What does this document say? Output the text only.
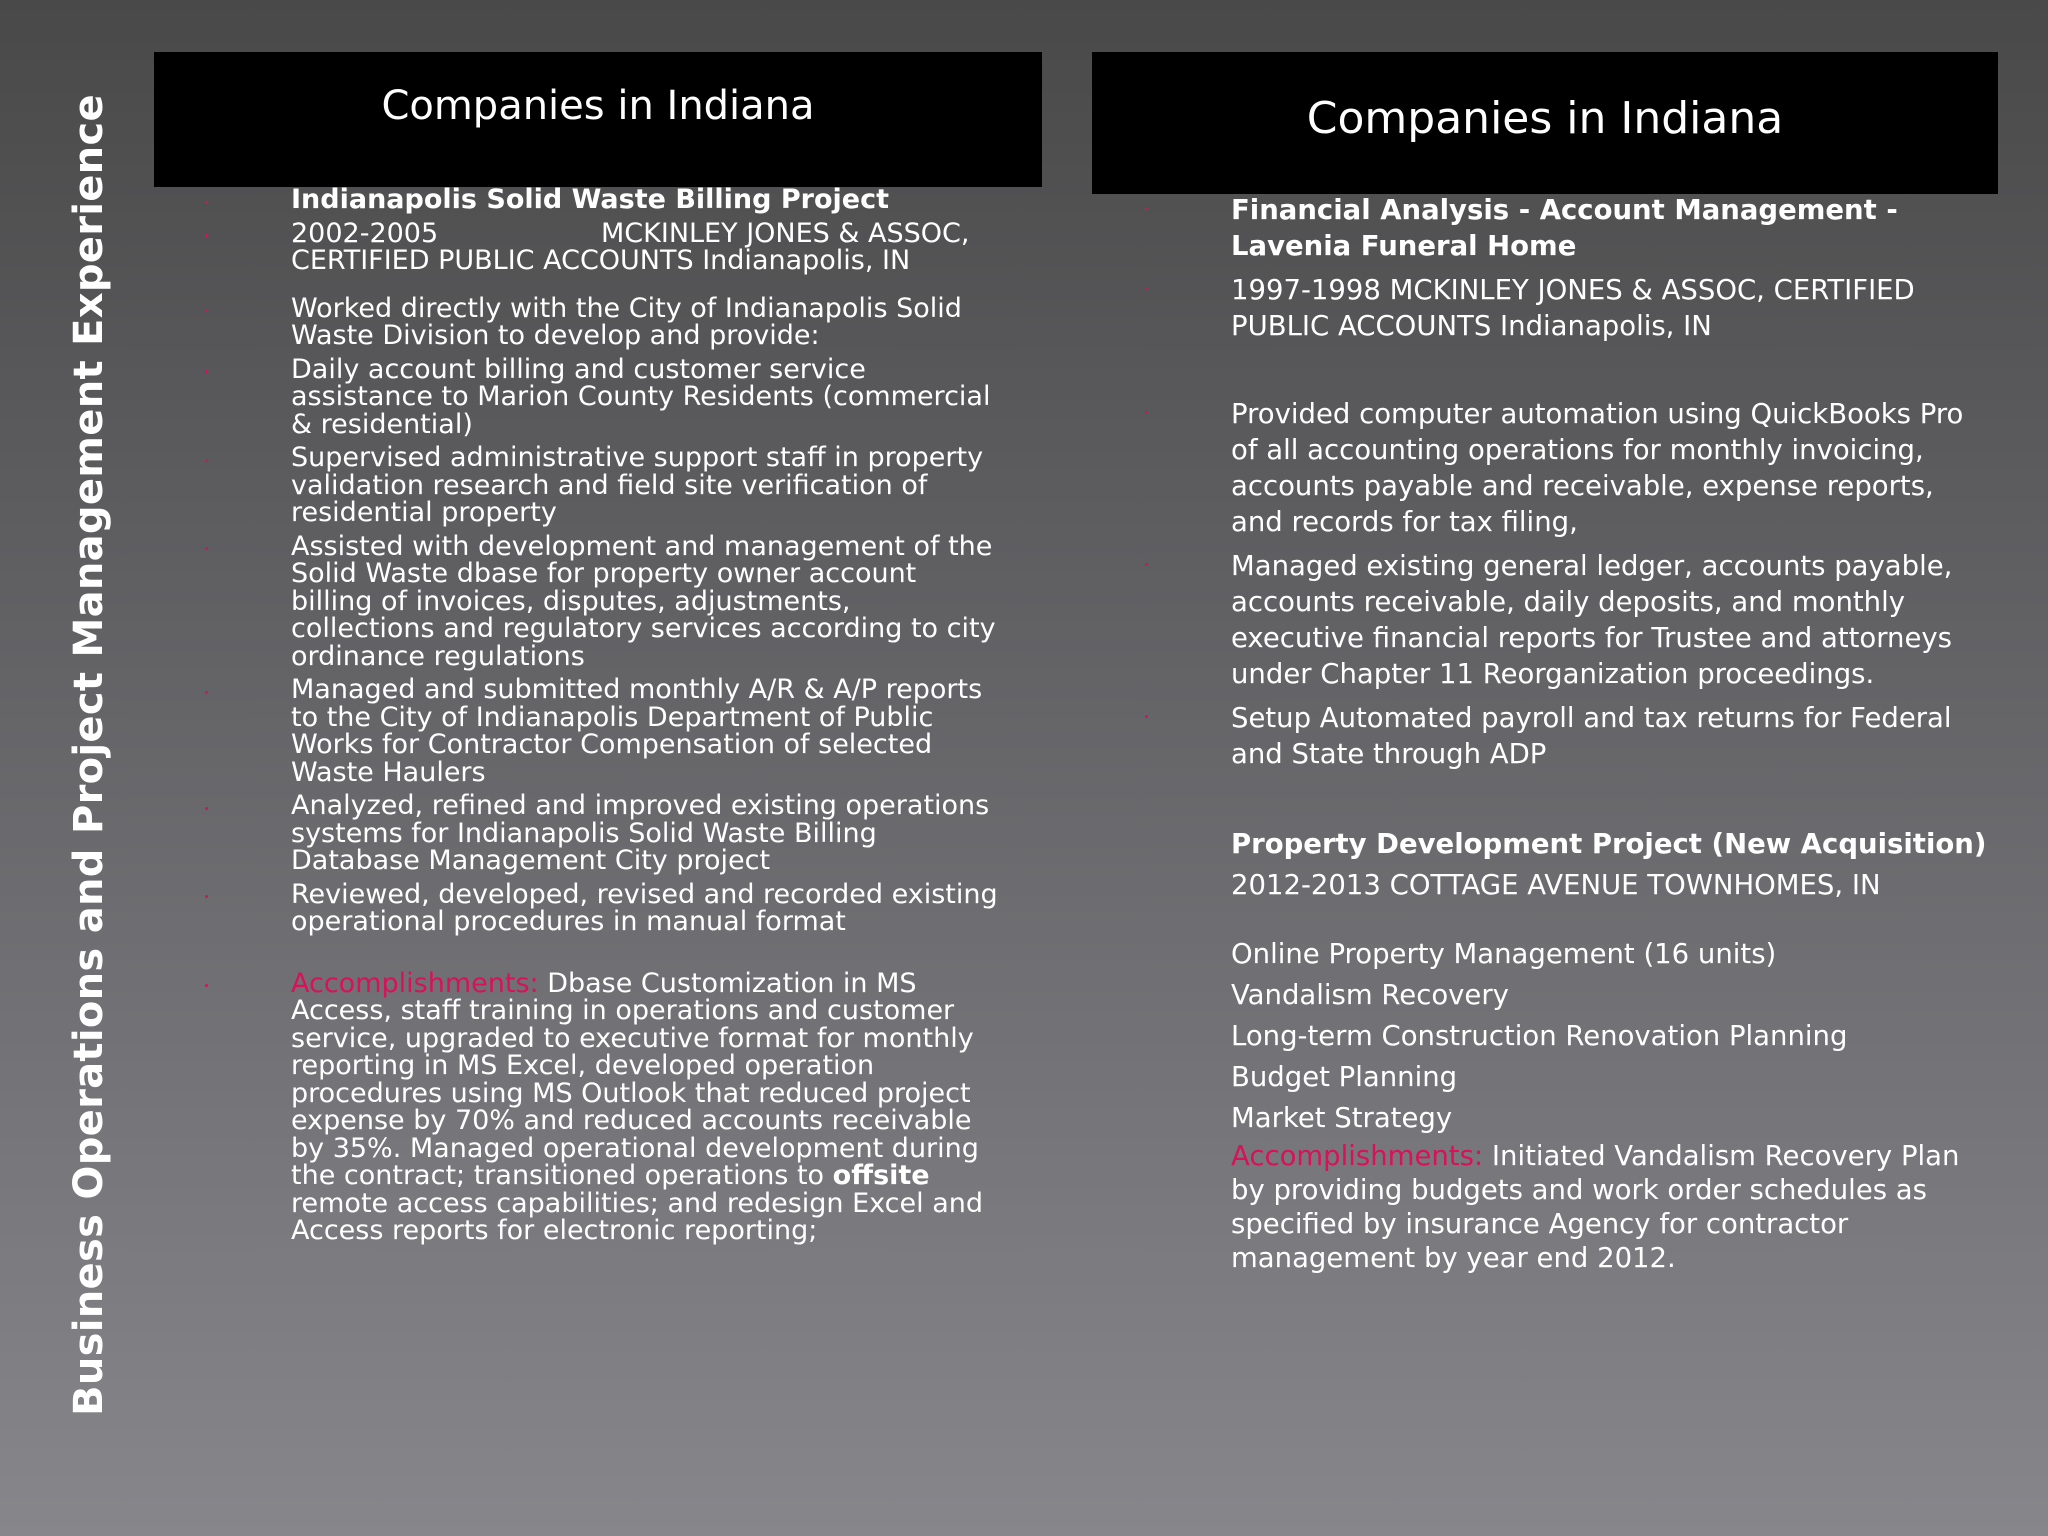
Business Operations and Project Management Experience	Companies in Indiana	Companies in Indiana
Indianapolis Solid Waste Billing Project
2002-2005	MCKINLEY JONES & ASSOC,
CERTIFIED PUBLIC ACCOUNTS Indianapolis, IN
Worked directly with the City of Indianapolis Solid Waste Division to develop and provide:
Daily account billing and customer service assistance to Marion County Residents (commercial & residential)
Supervised administrative support staff in property validation research and field site verification of residential property
Assisted with development and management of the Solid Waste dbase for property owner account billing of invoices, disputes, adjustments, collections and regulatory services according to city ordinance regulations
Managed and submitted monthly A/R & A/P reports to the City of Indianapolis Department of Public Works for Contractor Compensation of selected Waste Haulers
Analyzed, refined and improved existing operations systems for Indianapolis Solid Waste Billing Database Management City project
Reviewed, developed, revised and recorded existing operational procedures in manual format
Accomplishments: Dbase Customization in MS Access, staff training in operations and customer service, upgraded to executive format for monthly reporting in MS Excel, developed operation procedures using MS Outlook that reduced project expense by 70% and reduced accounts receivable by 35%. Managed operational development during the contract; transitioned operations to offsite remote access capabilities; and redesign Excel and Access reports for electronic reporting;
Financial Analysis - Account Management - Lavenia Funeral Home
1997-1998 MCKINLEY JONES & ASSOC, CERTIFIED PUBLIC ACCOUNTS Indianapolis, IN
Provided computer automation using QuickBooks Pro of all accounting operations for monthly invoicing, accounts payable and receivable, expense reports, and records for tax filing,
Managed existing general ledger, accounts payable, accounts receivable, daily deposits, and monthly executive financial reports for Trustee and attorneys under Chapter 11 Reorganization proceedings.
Setup Automated payroll and tax returns for Federal and State through ADP
Property Development Project (New Acquisition)
2012-2013 COTTAGE AVENUE TOWNHOMES, IN
Online Property Management (16 units)
Vandalism Recovery
Long-term Construction Renovation Planning
Budget Planning
Market Strategy
Accomplishments: Initiated Vandalism Recovery Plan by providing budgets and work order schedules as specified by insurance Agency for contractor management by year end 2012.
